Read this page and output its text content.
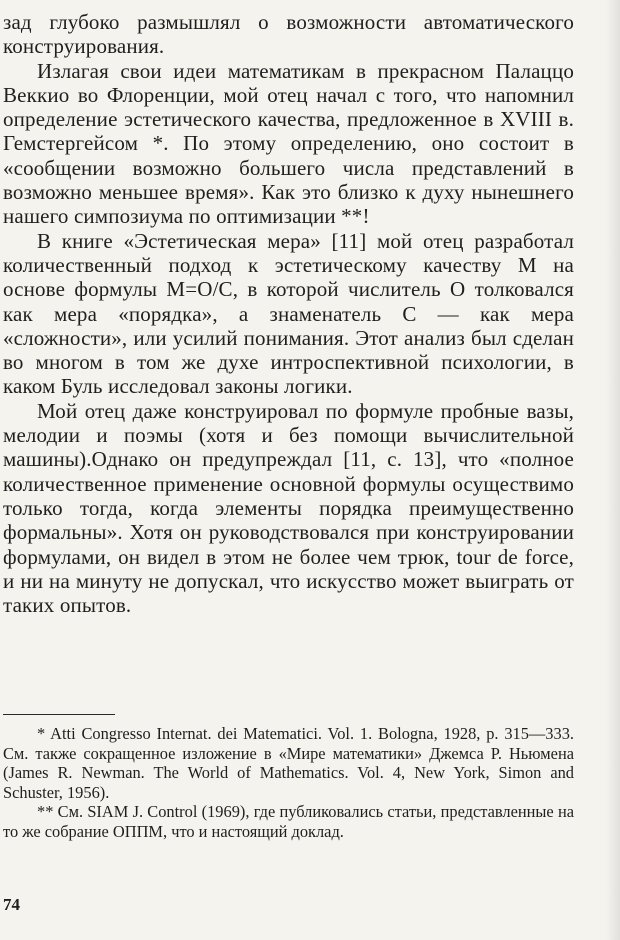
зад глубоко размышлял о возможности автоматического конструирования.

Излагая свои идеи математикам в прекрасном Палаццо Веккио во Флоренции, мой отец начал с того, что напомнил определение эстетического качества, предложенное в XVIII в. Гемстергейсом *. По этому определению, оно состоит в «сообщении возможно большего числа представлений в возможно меньшее время». Как это близко к духу нынешнего нашего симпозиума по оптимизации **!

В книге «Эстетическая мера» [11] мой отец разработал количественный подход к эстетическому качеству M на основе формулы M=O/C, в которой числитель O толковался как мера «порядка», а знаменатель C — как мера «сложности», или усилий понимания. Этот анализ был сделан во многом в том же духе интроспективной психологии, в каком Буль исследовал законы логики.

Мой отец даже конструировал по формуле пробные вазы, мелодии и поэмы (хотя и без помощи вычислительной машины).Однако он предупреждал [11, с. 13], что «полное количественное применение основной формулы осуществимо только тогда, когда элементы порядка преимущественно формальны». Хотя он руководствовался при конструировании формулами, он видел в этом не более чем трюк, tour de force, и ни на минуту не допускал, что искусство может выиграть от таких опытов.

* Atti Congresso Internat. dei Matematici. Vol. 1. Bologna, 1928, p. 315—333. См. также сокращенное изложение в «Мире математики» Джемса Р. Ньюмена (James R. Newman. The World of Mathematics. Vol. 4, New York, Simon and Schuster, 1956).

** См. SIAM J. Control (1969), где публиковались статьи, представленные на то же собрание ОППМ, что и настоящий доклад.

74
